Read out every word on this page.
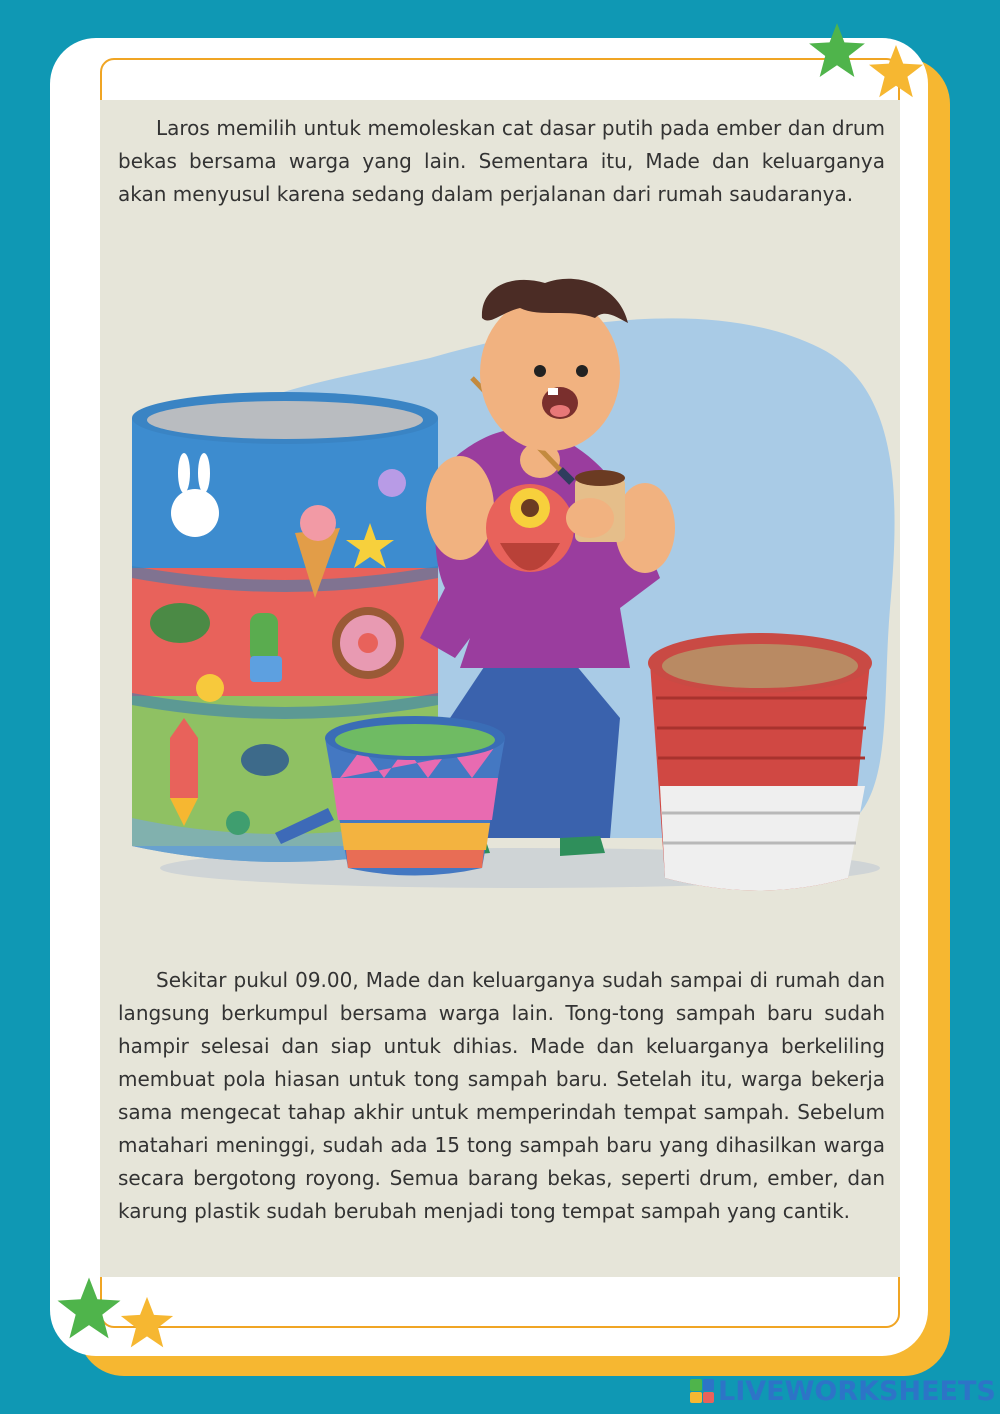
Laros memilih untuk memoleskan cat dasar putih pada ember dan drum bekas bersama warga yang lain. Sementara itu, Made dan keluarganya akan menyusul karena sedang dalam perjalanan dari rumah saudaranya.

Sekitar pukul 09.00, Made dan keluarganya sudah sampai di rumah dan langsung berkumpul bersama warga lain. Tong-tong sampah baru sudah hampir selesai dan siap untuk dihias. Made dan keluarganya berkeliling membuat pola hiasan untuk tong sampah baru. Setelah itu, warga bekerja sama mengecat tahap akhir untuk memperindah tempat sampah. Sebelum matahari meninggi, sudah ada 15 tong sampah baru yang dihasilkan warga secara bergotong royong. Semua barang bekas, seperti drum, ember, dan karung plastik sudah berubah menjadi tong tempat sampah yang cantik.

LIVEWORKSHEETS
